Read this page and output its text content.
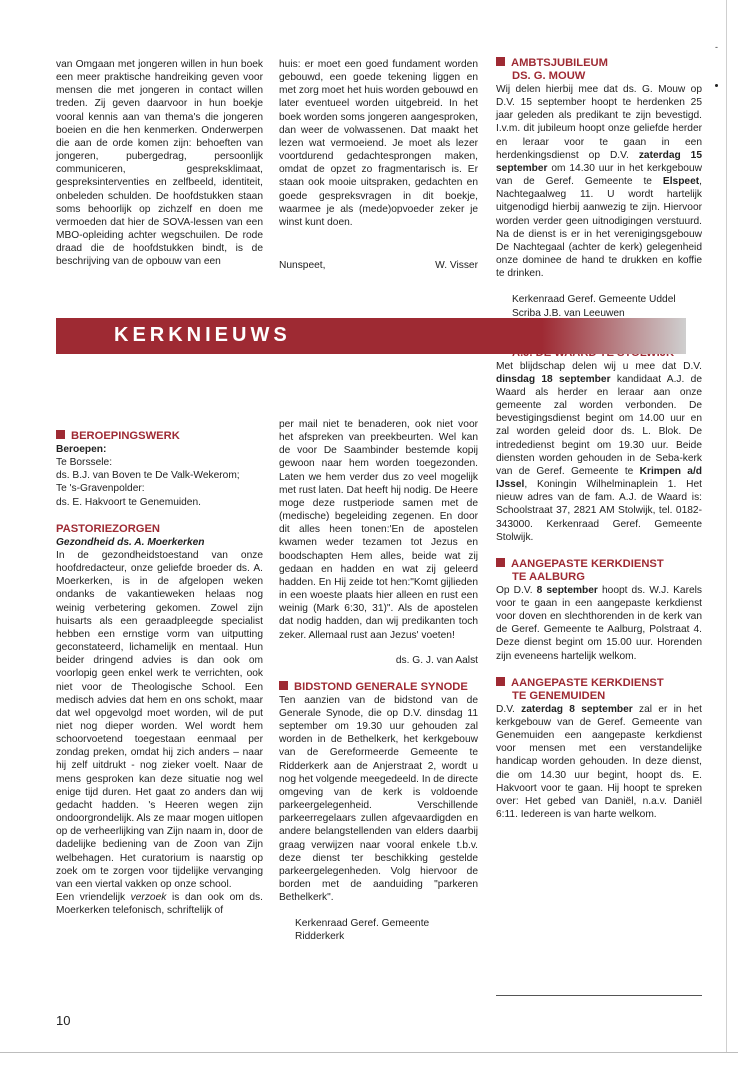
-

van Omgaan met jongeren willen in hun boek een meer praktische handreiking geven voor mensen die met jongeren in contact willen treden. Zij geven daarvoor in hun boekje vooral kennis aan van thema's die jongeren boeien en die hen kenmerken. Onderwerpen die aan de orde komen zijn: behoeften van jongeren, pubergedrag, persoonlijk communiceren, gespreksklimaat, gespreksinterventies en zelfbeeld, identiteit, onbeleden schulden. De hoofdstukken staan soms behoorlijk op zichzelf en doen me vermoeden dat hier de SOVA-lessen van een MBO-opleiding achter wegschuilen. De rode draad die de hoofdstukken bindt, is de beschrijving van de opbouw van een

huis: er moet een goed fundament worden gebouwd, een goede tekening liggen en met zorg moet het huis worden gebouwd en later eventueel worden uitgebreid. In het boek worden soms jongeren aangesproken, dan weer de volwassenen. Dat maakt het lezen wat vermoeiend. Je moet als lezer voortdurend gedachtesprongen maken, omdat de opzet zo fragmentarisch is. Er staan ook mooie uitspraken, gedachten en goede gespreksvragen in dit boekje, waarmee je als (mede)opvoeder zeker je winst kunt doen.

Nunspeet,	W. Visser
AMBTSJUBILEUM
DS. G. MOUW

Wij delen hierbij mee dat ds. G. Mouw op D.V. 15 september hoopt te herdenken 25 jaar geleden als predikant te zijn bevestigd. I.v.m. dit jubileum hoopt onze geliefde herder en leraar voor te gaan in een herdenkingsdienst op D.V. zaterdag 15 september om 14.30 uur in het kerkgebouw van de Geref. Gemeente te Elspeet, Nachtegaalweg 11. U wordt hartelijk uitgenodigd hierbij aanwezig te zijn. Hiervoor worden verder geen uitnodigingen verstuurd. Na de dienst is er in het verenigingsgebouw De Nachtegaal (achter de kerk) gelegenheid onze dominee de hand te drukken en koffie te drinken.

Kerkenraad Geref. Gemeente Uddel
Scriba J.B. van Leeuwen

Met blijdschap delen wij u mee dat D.V. dinsdag 18 september kandidaat A.J. de Waard als herder en leraar aan onze gemeente zal worden verbonden. De bevestigingsdienst begint om 14.00 uur en zal worden geleid door ds. L. Blok. De intrededienst begint om 19.30 uur. Beide diensten worden gehouden in de Seba-kerk van de Geref. Gemeente te Krimpen a/d IJssel, Koningin Wilhelminaplein 1. Het nieuw adres van de fam. A.J. de Waard is: Schoolstraat 37, 2821 AM Stolwijk, tel. 0182-343000. Kerkenraad Geref. Gemeente Stolwijk.

AANGEPASTE KERKDIENST
TE AALBURG

Op D.V. 8 september hoopt ds. W.J. Karels voor te gaan in een aangepaste kerkdienst voor doven en slechthorenden in de kerk van de Geref. Gemeente te Aalburg, Polstraat 4. Deze dienst begint om 15.00 uur. Horenden zijn eveneens hartelijk welkom.

AANGEPASTE KERKDIENST
TE GENEMUIDEN

D.V. zaterdag 8 september zal er in het kerkgebouw van de Geref. Gemeente van Genemuiden een aangepaste kerkdienst voor mensen met een verstandelijke handicap worden gehouden. In deze dienst, die om 14.30 uur begint, hoopt ds. E. Hakvoort voor te gaan. Hij hoopt te spreken over: Het gebed van Daniël, n.a.v. Daniël 6:11. Iedereen is van harte welkom.

KERKNIEUWS
BEROEPINGSWERK
Beroepen:
Te Borssele:
ds. B.J. van Boven te De Valk-Wekerom;
Te 's-Gravenpolder:
ds. E. Hakvoort te Genemuiden.
PASTORIEZORGEN
Gezondheid ds. A. Moerkerken

In de gezondheidstoestand van onze hoofdredacteur, onze geliefde broeder ds. A. Moerkerken, is in de afgelopen weken ondanks de vakantieweken helaas nog weinig verbetering gekomen. Zowel zijn huisarts als een geraadpleegde specialist hebben een ernstige vorm van uitputting geconstateerd, lichamelijk en mentaal. Hun beider dringend advies is dan ook om voorlopig geen enkel werk te verrichten, ook niet voor de Theologische School. Een medisch advies dat hem en ons schokt, maar dat wel opgevolgd moet worden, wil de put niet nog dieper worden. Wel wordt hem schoorvoetend toegestaan eenmaal per zondag preken, omdat hij zich anders – naar hij zelf uitdrukt - nog zieker voelt. Naar de mens gesproken kan deze situatie nog wel enige tijd duren. Het gaat zo anders dan wij gedacht hadden. 's Heeren wegen zijn ondoorgrondelijk. Als ze maar mogen uitlopen op de verheerlijking van Zijn naam in, door de dadelijke bediening van de Zoon van Zijn welbehagen. Het curatorium is naarstig op zoek om te zorgen voor tijdelijke vervanging van een viertal vakken op onze school.

Een vriendelijk verzoek is dan ook om ds. Moerkerken telefonisch, schriftelijk of

per mail niet te benaderen, ook niet voor het afspreken van preekbeurten. Wel kan de voor De Saambinder bestemde kopij gewoon naar hem worden toegezonden. Laten we hem verder dus zo veel mogelijk met rust laten. Dat heeft hij nodig. De Heere moge deze rustperiode samen met de (medische) begeleiding zegenen. En door dit alles heen tonen:'En de apostelen kwamen weder tezamen tot Jezus en boodschapten Hem alles, beide wat zij gedaan en hadden en wat zij geleerd hadden. En Hij zeide tot hen:"Komt gijlieden in een woeste plaats hier alleen en rust een weinig (Mark 6:30, 31)". Als de apostelen dat nodig hadden, dan wij predikanten toch zeker. Allemaal rust aan Jezus' voeten!

ds. G. J. van Aalst
BIDSTOND GENERALE SYNODE

Ten aanzien van de bidstond van de Generale Synode, die op D.V. dinsdag 11 september om 19.30 uur gehouden zal worden in de Bethelkerk, het kerkgebouw van de Gereformeerde Gemeente te Ridderkerk aan de Anjerstraat 2, wordt u nog het volgende meegedeeld. In de directe omgeving van de kerk is voldoende parkeergelegenheid. Verschillende parkeerregelaars zullen afgevaardigden en andere belangstellenden van elders daarbij graag verwijzen naar vooral enkele t.b.v. deze dienst ter beschikking gestelde parkeergelegenheden. Volg hiervoor de borden met de aanduiding "parkeren Bethelkerk".

Kerkenraad Geref. Gemeente
Ridderkerk
10
